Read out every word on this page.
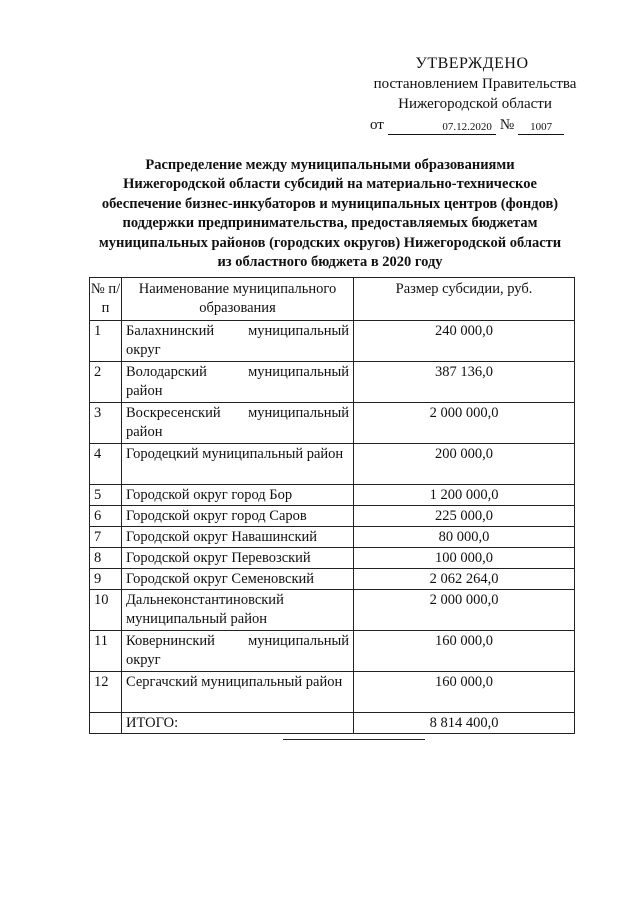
УТВЕРЖДЕНО
постановлением Правительства
Нижегородской области
от	07.12.2020 №	1007
Распределение между муниципальными образованиями
Нижегородской области субсидий на материально-техническое
обеспечение бизнес-инкубаторов и муниципальных центров (фондов)
поддержки предпринимательства, предоставляемых бюджетам
муниципальных районов (городских округов) Нижегородской области
из областного бюджета в 2020 году
№ п/п	Наименование муниципального образования	Размер субсидии, руб.
1	Балахнинский муниципальный округ	240 000,0
2	Володарский муниципальный район	387 136,0
3	Воскресенский муниципальный район	2 000 000,0
4	Городецкий муниципальный район	200 000,0
5	Городской округ город Бор	1 200 000,0
6	Городской округ город Саров	225 000,0
7	Городской округ Навашинский	80 000,0
8	Городской округ Перевозский	100 000,0
9	Городской округ Семеновский	2 062 264,0
10	Дальнеконстантиновский муниципальный район	2 000 000,0
11	Ковернинский муниципальный округ	160 000,0
12	Сергачский муниципальный район	160 000,0
	ИТОГО:	8 814 400,0
